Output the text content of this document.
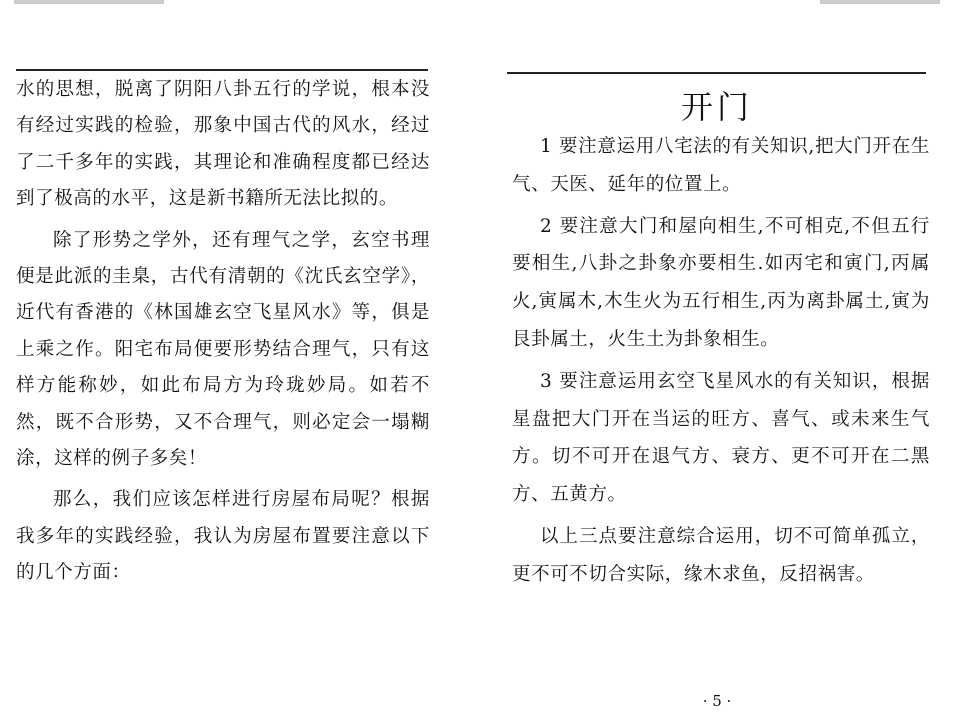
水的思想，脱离了阴阳八卦五行的学说，根本没有经过实践的检验，那象中国古代的风水，经过了二千多年的实践，其理论和准确程度都已经达到了极高的水平，这是新书籍所无法比拟的。

除了形势之学外，还有理气之学，玄空书理便是此派的圭臬，古代有清朝的《沈氏玄空学》，近代有香港的《林国雄玄空飞星风水》等，俱是上乘之作。阳宅布局便要形势结合理气，只有这样方能称妙，如此布局方为玲珑妙局。如若不然，既不合形势，又不合理气，则必定会一塌糊涂，这样的例子多矣！

那么，我们应该怎样进行房屋布局呢？根据我多年的实践经验，我认为房屋布置要注意以下的几个方面：

开门

1 要注意运用八宅法的有关知识,把大门开在生气、天医、延年的位置上。

2 要注意大门和屋向相生,不可相克,不但五行要相生,八卦之卦象亦要相生.如丙宅和寅门,丙属火,寅属木,木生火为五行相生,丙为离卦属土,寅为艮卦属土，火生土为卦象相生。

3 要注意运用玄空飞星风水的有关知识，根据星盘把大门开在当运的旺方、喜气、或未来生气方。切不可开在退气方、衰方、更不可开在二黑方、五黄方。

以上三点要注意综合运用，切不可简单孤立，更不可不切合实际，缘木求鱼，反招祸害。

· 5 ·
